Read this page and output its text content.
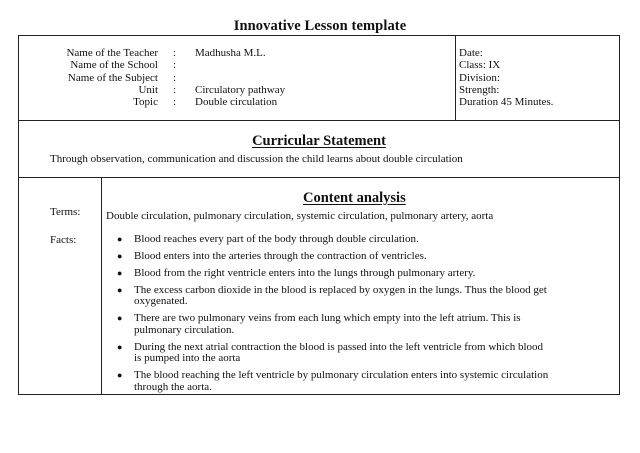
Innovative Lesson template
Name of the Teacher
Name of the School
Name of the Subject
Unit
Topic
:
:
:
:
:
Madhusha M.L.
Circulatory pathway
Double circulation
Date:
Class: IX
Division:
Strength:
Duration 45 Minutes.
Curricular Statement
Through observation, communication and discussion the child learns about double circulation
Content analysis
Terms: Double circulation, pulmonary circulation, systemic circulation, pulmonary artery, aorta
Facts:	● Blood reaches every part of the body through double circulation.
● Blood enters into the arteries through the contraction of ventricles.
● Blood from the right ventricle enters into the lungs through pulmonary artery.
● The excess carbon dioxide in the blood is replaced by oxygen in the lungs. Thus the blood get
oxygenated.
● There are two pulmonary veins from each lung which empty into the left atrium. This is
pulmonary circulation.
● During the next atrial contraction the blood is passed into the left ventricle from which blood
is pumped into the aorta
● The blood reaching the left ventricle by pulmonary circulation enters into systemic circulation
through the aorta.
